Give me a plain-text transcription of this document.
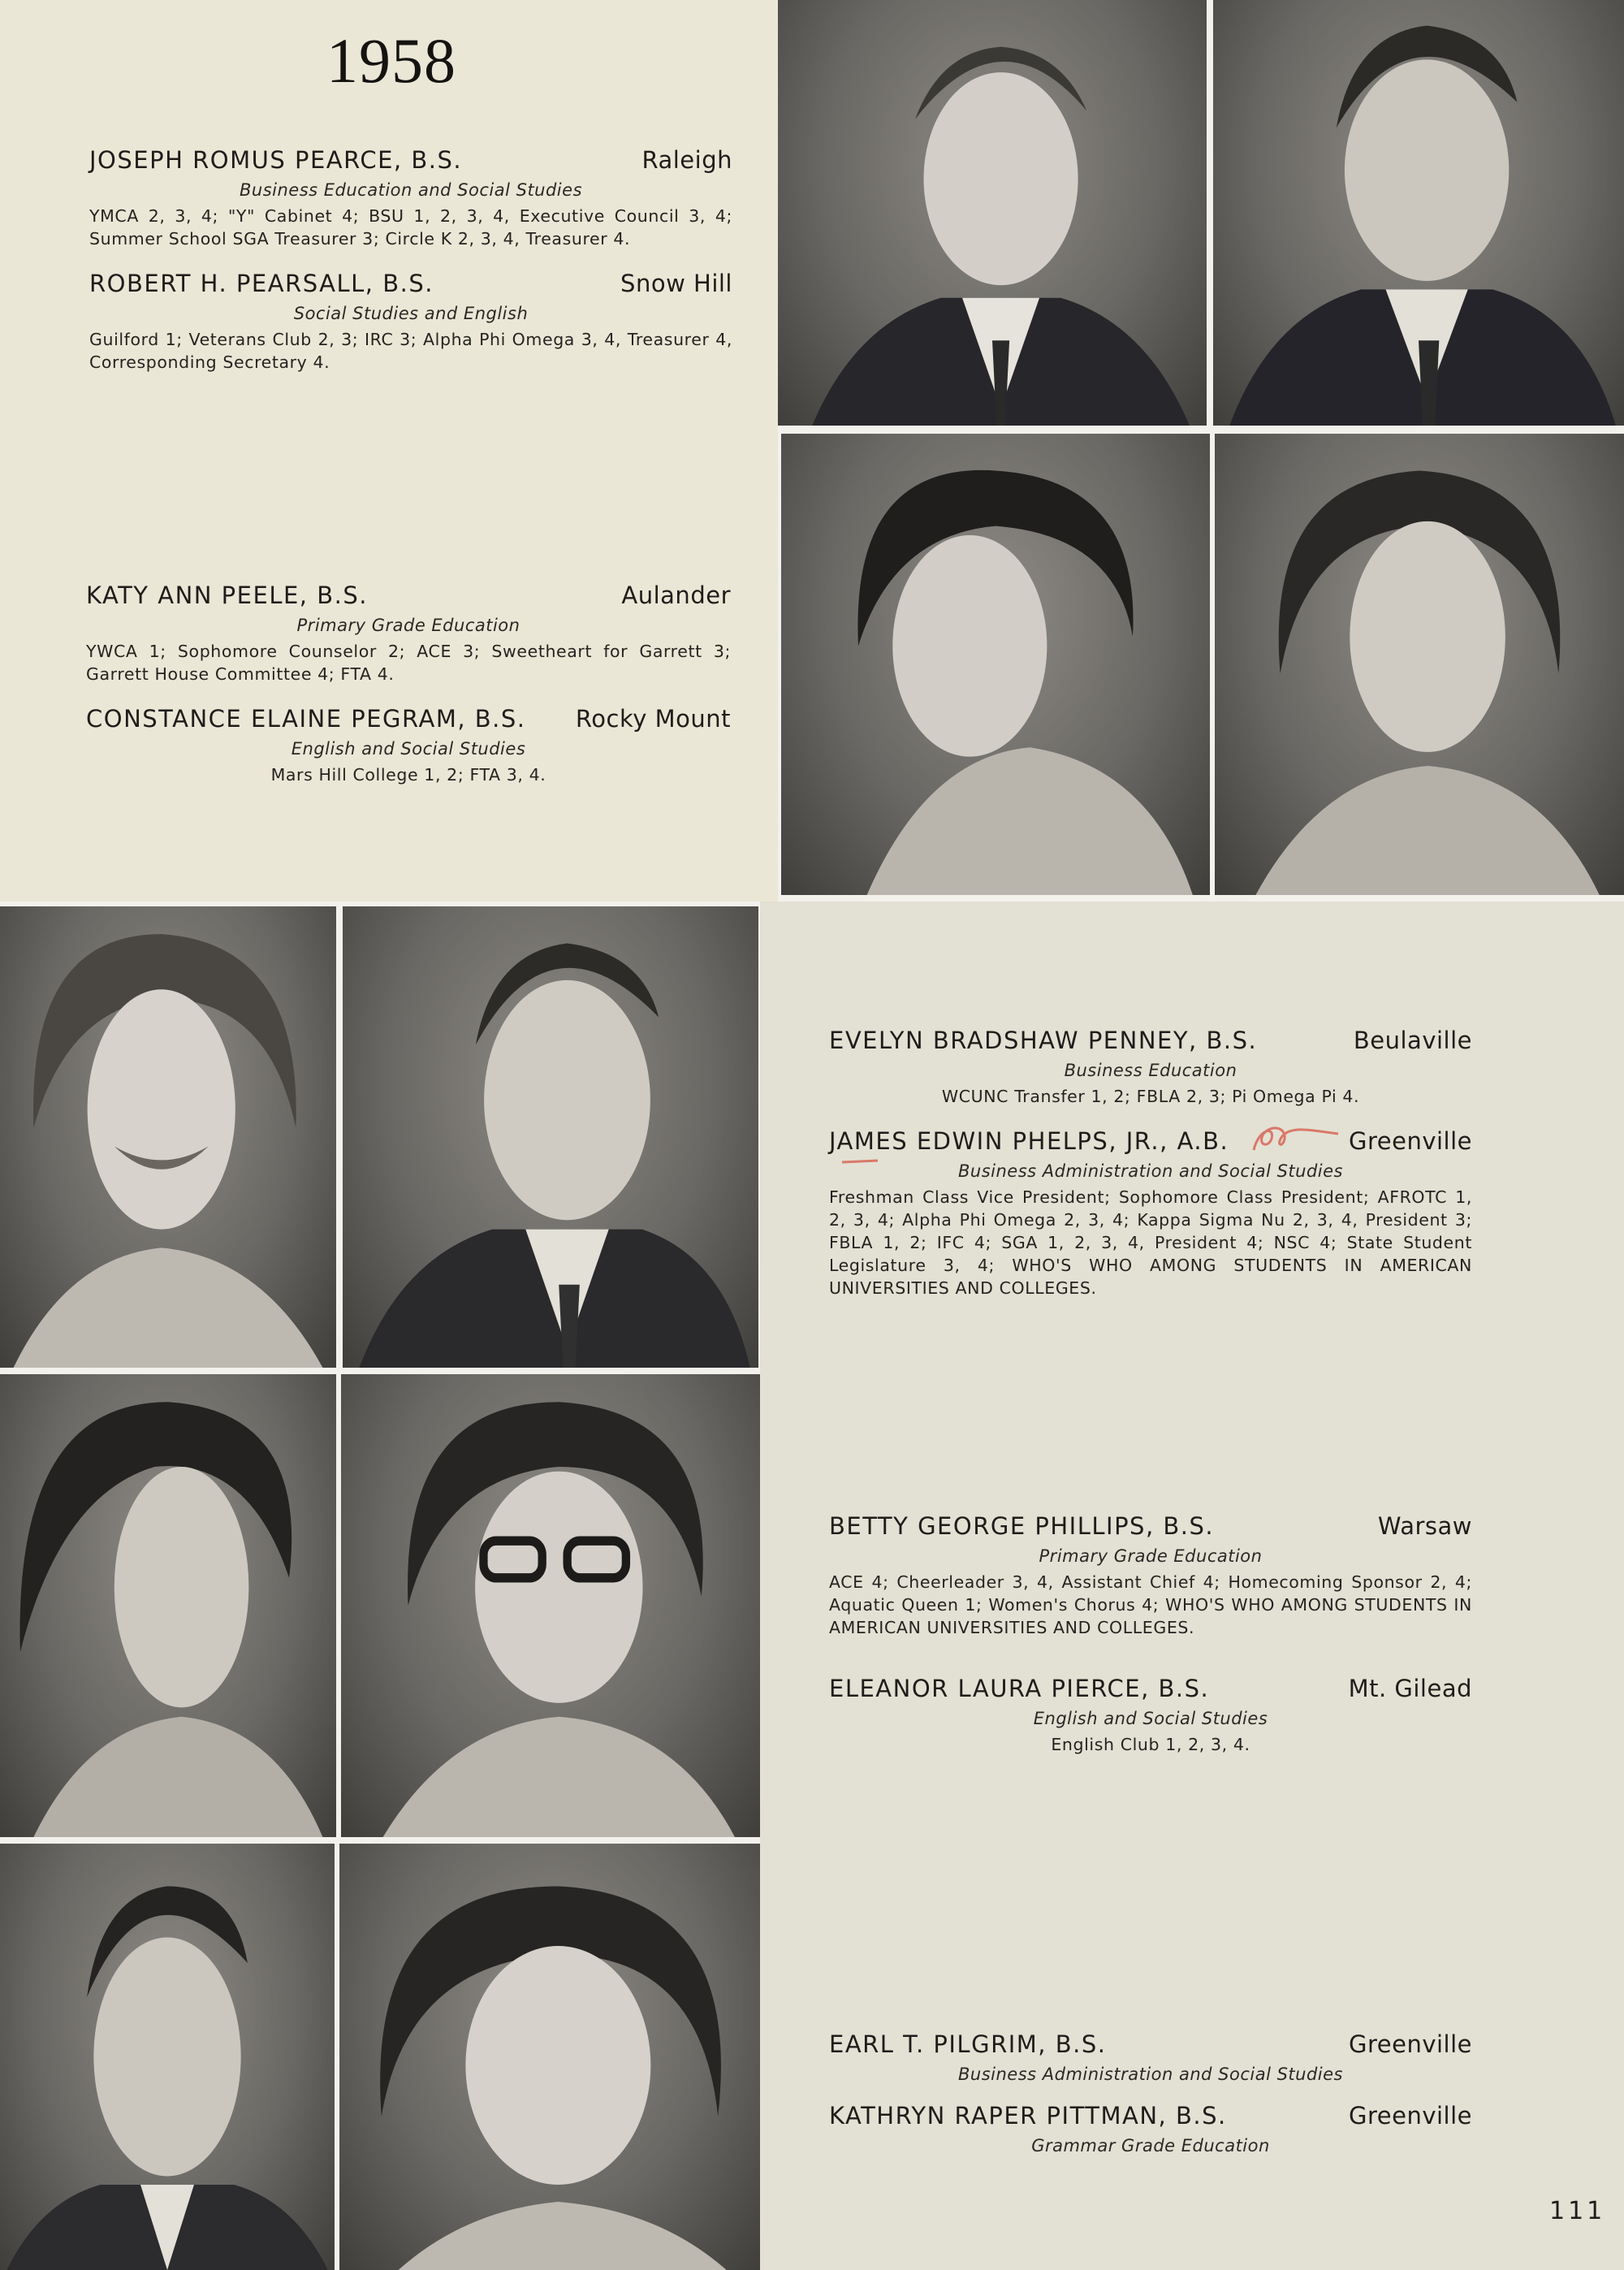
1958
JOSEPH ROMUS PEARCE, B.S.	Raleigh
Business Education and Social Studies
YMCA 2, 3, 4; "Y" Cabinet 4; BSU 1, 2, 3, 4, Executive Council 3, 4; Summer School SGA Treasurer 3; Circle K 2, 3, 4, Treasurer 4.
ROBERT H. PEARSALL, B.S.	Snow Hill
Social Studies and English
Guilford 1; Veterans Club 2, 3; IRC 3; Alpha Phi Omega 3, 4, Treasurer 4, Corresponding Secretary 4.
KATY ANN PEELE, B.S.	Aulander
Primary Grade Education
YWCA 1; Sophomore Counselor 2; ACE 3; Sweetheart for Garrett 3; Garrett House Committee 4; FTA 4.
CONSTANCE ELAINE PEGRAM, B.S. Rocky Mount
English and Social Studies
Mars Hill College 1, 2; FTA 3, 4.
EVELYN BRADSHAW PENNEY, B.S.	Beulaville
Business Education
WCUNC Transfer 1, 2; FBLA 2, 3; Pi Omega Pi 4.
JAMES EDWIN PHELPS, JR., A.B.	Greenville
Business Administration and Social Studies
Freshman Class Vice President; Sophomore Class President; AFROTC 1, 2, 3, 4; Alpha Phi Omega 2, 3, 4; Kappa Sigma Nu 2, 3, 4, President 3; FBLA 1, 2; IFC 4; SGA 1, 2, 3, 4, President 4; NSC 4; State Student Legislature 3, 4; WHO'S WHO AMONG STUDENTS IN AMERICAN UNIVERSITIES AND COLLEGES.
BETTY GEORGE PHILLIPS, B.S.	Warsaw
Primary Grade Education
ACE 4; Cheerleader 3, 4, Assistant Chief 4; Homecoming Sponsor 2, 4; Aquatic Queen 1; Women's Chorus 4; WHO'S WHO AMONG STUDENTS IN AMERICAN UNIVERSITIES AND COLLEGES.
ELEANOR LAURA PIERCE, B.S.	Mt. Gilead
English and Social Studies
English Club 1, 2, 3, 4.
EARL T. PILGRIM, B.S.	Greenville
Business Administration and Social Studies
KATHRYN RAPER PITTMAN, B.S.	Greenville
Grammar Grade Education
111
